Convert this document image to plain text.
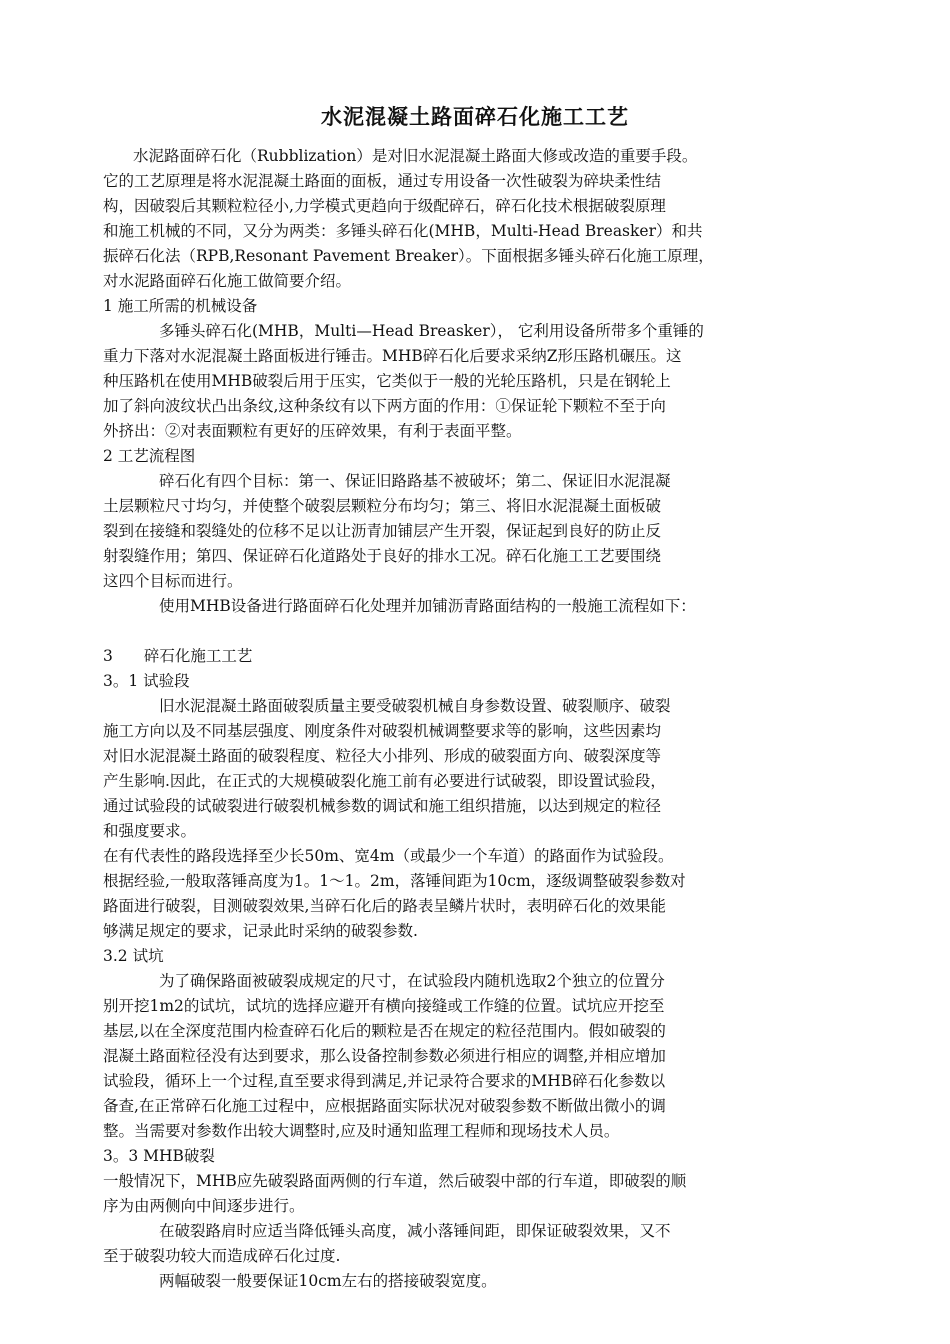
水泥混凝土路面碎石化施工工艺
水泥路面碎石化（Rubblization）是对旧水泥混凝土路面大修或改造的重要手段。
它的工艺原理是将水泥混凝土路面的面板，通过专用设备一次性破裂为碎块柔性结
构，因破裂后其颗粒粒径小,力学模式更趋向于级配碎石，碎石化技术根据破裂原理
和施工机械的不同，又分为两类：多锤头碎石化(MHB，Multi-Head Breasker）和共
振碎石化法（RPB,Resonant Pavement Breaker）。下面根据多锤头碎石化施工原理，
对水泥路面碎石化施工做简要介绍。
1 施工所需的机械设备
多锤头碎石化(MHB，Multi—Head Breasker）， 它利用设备所带多个重锤的
重力下落对水泥混凝土路面板进行锤击。MHB碎石化后要求采纳Z形压路机碾压。这
种压路机在使用MHB破裂后用于压实，它类似于一般的光轮压路机，只是在钢轮上
加了斜向波纹状凸出条纹,这种条纹有以下两方面的作用：①保证轮下颗粒不至于向
外挤出：②对表面颗粒有更好的压碎效果，有利于表面平整。
2 工艺流程图
碎石化有四个目标：第一、保证旧路路基不被破坏；第二、保证旧水泥混凝
土层颗粒尺寸均匀，并使整个破裂层颗粒分布均匀；第三、将旧水泥混凝土面板破
裂到在接缝和裂缝处的位移不足以让沥青加铺层产生开裂，保证起到良好的防止反
射裂缝作用；第四、保证碎石化道路处于良好的排水工况。碎石化施工工艺要围绕
这四个目标而进行。
使用MHB设备进行路面碎石化处理并加铺沥青路面结构的一般施工流程如下：
3　　碎石化施工工艺
3。1 试验段
旧水泥混凝土路面破裂质量主要受破裂机械自身参数设置、破裂顺序、破裂
施工方向以及不同基层强度、刚度条件对破裂机械调整要求等的影响，这些因素均
对旧水泥混凝土路面的破裂程度、粒径大小排列、形成的破裂面方向、破裂深度等
产生影响.因此，在正式的大规模破裂化施工前有必要进行试破裂，即设置试验段，
通过试验段的试破裂进行破裂机械参数的调试和施工组织措施，以达到规定的粒径
和强度要求。
在有代表性的路段选择至少长50m、宽4m（或最少一个车道）的路面作为试验段。
根据经验,一般取落锤高度为1。1～1。2m，落锤间距为10cm，逐级调整破裂参数对
路面进行破裂，目测破裂效果,当碎石化后的路表呈鳞片状时，表明碎石化的效果能
够满足规定的要求，记录此时采纳的破裂参数.
3.2 试坑
为了确保路面被破裂成规定的尺寸，在试验段内随机选取2个独立的位置分
别开挖1m2的试坑，试坑的选择应避开有横向接缝或工作缝的位置。试坑应开挖至
基层,以在全深度范围内检查碎石化后的颗粒是否在规定的粒径范围内。假如破裂的
混凝土路面粒径没有达到要求，那么设备控制参数必须进行相应的调整,并相应增加
试验段，循环上一个过程,直至要求得到满足,并记录符合要求的MHB碎石化参数以
备查,在正常碎石化施工过程中，应根据路面实际状况对破裂参数不断做出微小的调
整。当需要对参数作出较大调整时,应及时通知监理工程师和现场技术人员。
3。3 MHB破裂
一般情况下，MHB应先破裂路面两侧的行车道，然后破裂中部的行车道，即破裂的顺
序为由两侧向中间逐步进行。
在破裂路肩时应适当降低锤头高度，减小落锤间距，即保证破裂效果，又不
至于破裂功较大而造成碎石化过度.
两幅破裂一般要保证10cm左右的搭接破裂宽度。
